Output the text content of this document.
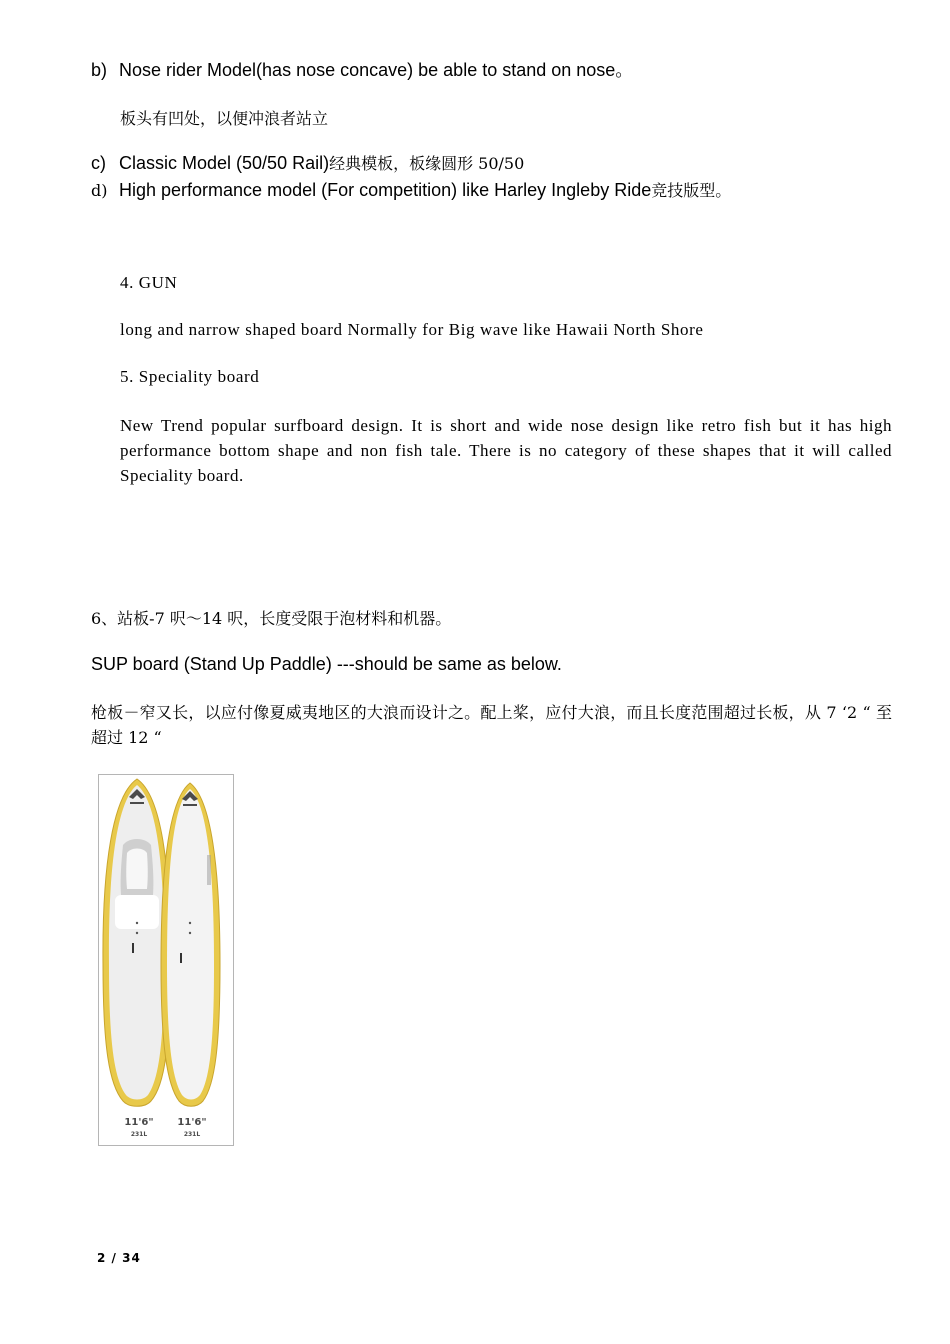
b) Nose rider Model(has nose concave) be able to stand on nose。
板头有凹处，以便冲浪者站立
c) Classic Model (50/50 Rail)经典模板，板缘圆形 50/50
d) High performance model (For competition) like Harley Ingleby Ride竞技版型。
4. GUN
long and narrow shaped board Normally for Big wave like Hawaii North Shore
5. Speciality board
New Trend popular surfboard design. It is short and wide nose design like retro fish but it has high performance bottom shape and non fish tale. There is no category of these shapes that it will called Speciality board.
6、站板-7 呎～14 呎，长度受限于泡材料和机器。
SUP board (Stand Up Paddle) ---should be same as below.
枪板－窄又长，以应付像夏威夷地区的大浪而设计之。配上桨，应付大浪，而且长度范围超过长板，从 7 ‘2 “ 至超过 12 “
11'6"
231L
11'6"
231L
2 / 34
